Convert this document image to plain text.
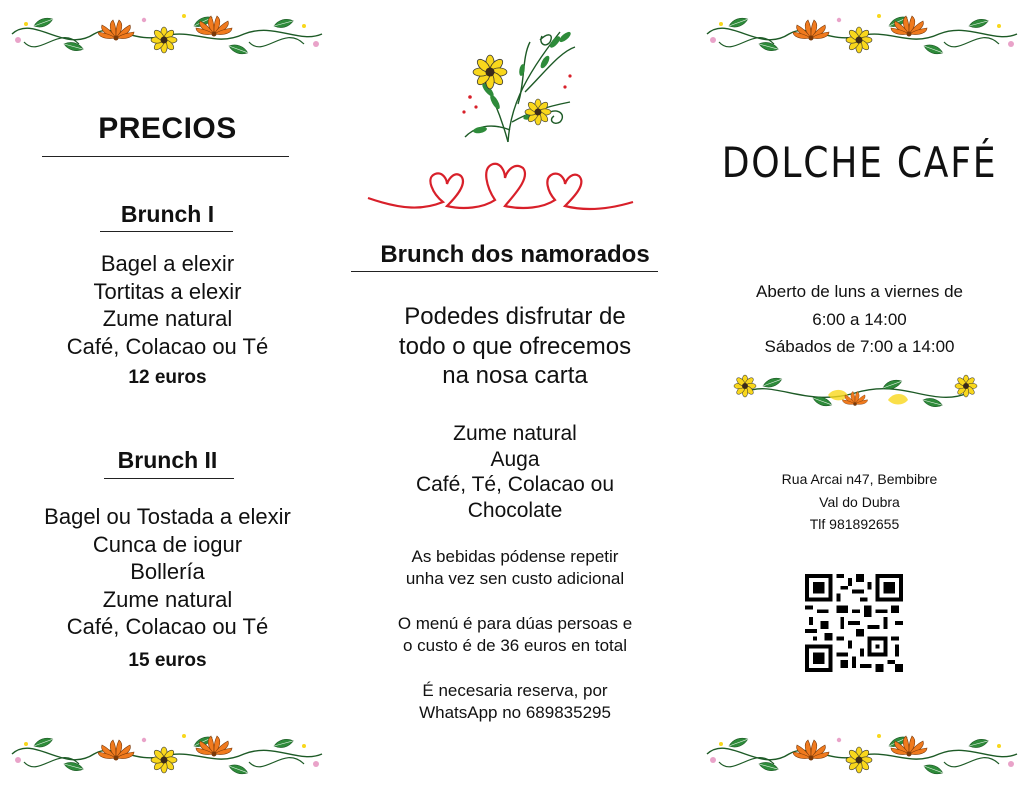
PRECIOS
Brunch I
Bagel a elexir
Tortitas a elexir
Zume natural
Café, Colacao ou Té
12 euros
Brunch II
Bagel ou Tostada a elexir
Cunca de iogur
Bollería
Zume natural
Café, Colacao ou Té
15 euros
Brunch dos namorados
Podedes disfrutar de
todo o que ofrecemos
na nosa carta
Zume natural
Auga
Café, Té, Colacao ou
Chocolate
As bebidas pódense repetir
unha vez sen custo adicional
O menú é para dúas persoas e
o custo é de 36 euros en total
É necesaria reserva, por
WhatsApp no 689835295
DOLCHE CAFÉ
Aberto de luns a viernes de
6:00 a 14:00
Sábados de 7:00 a 14:00
Rua Arcai n47, Bembibre
Val do Dubra
Tlf 981892655
